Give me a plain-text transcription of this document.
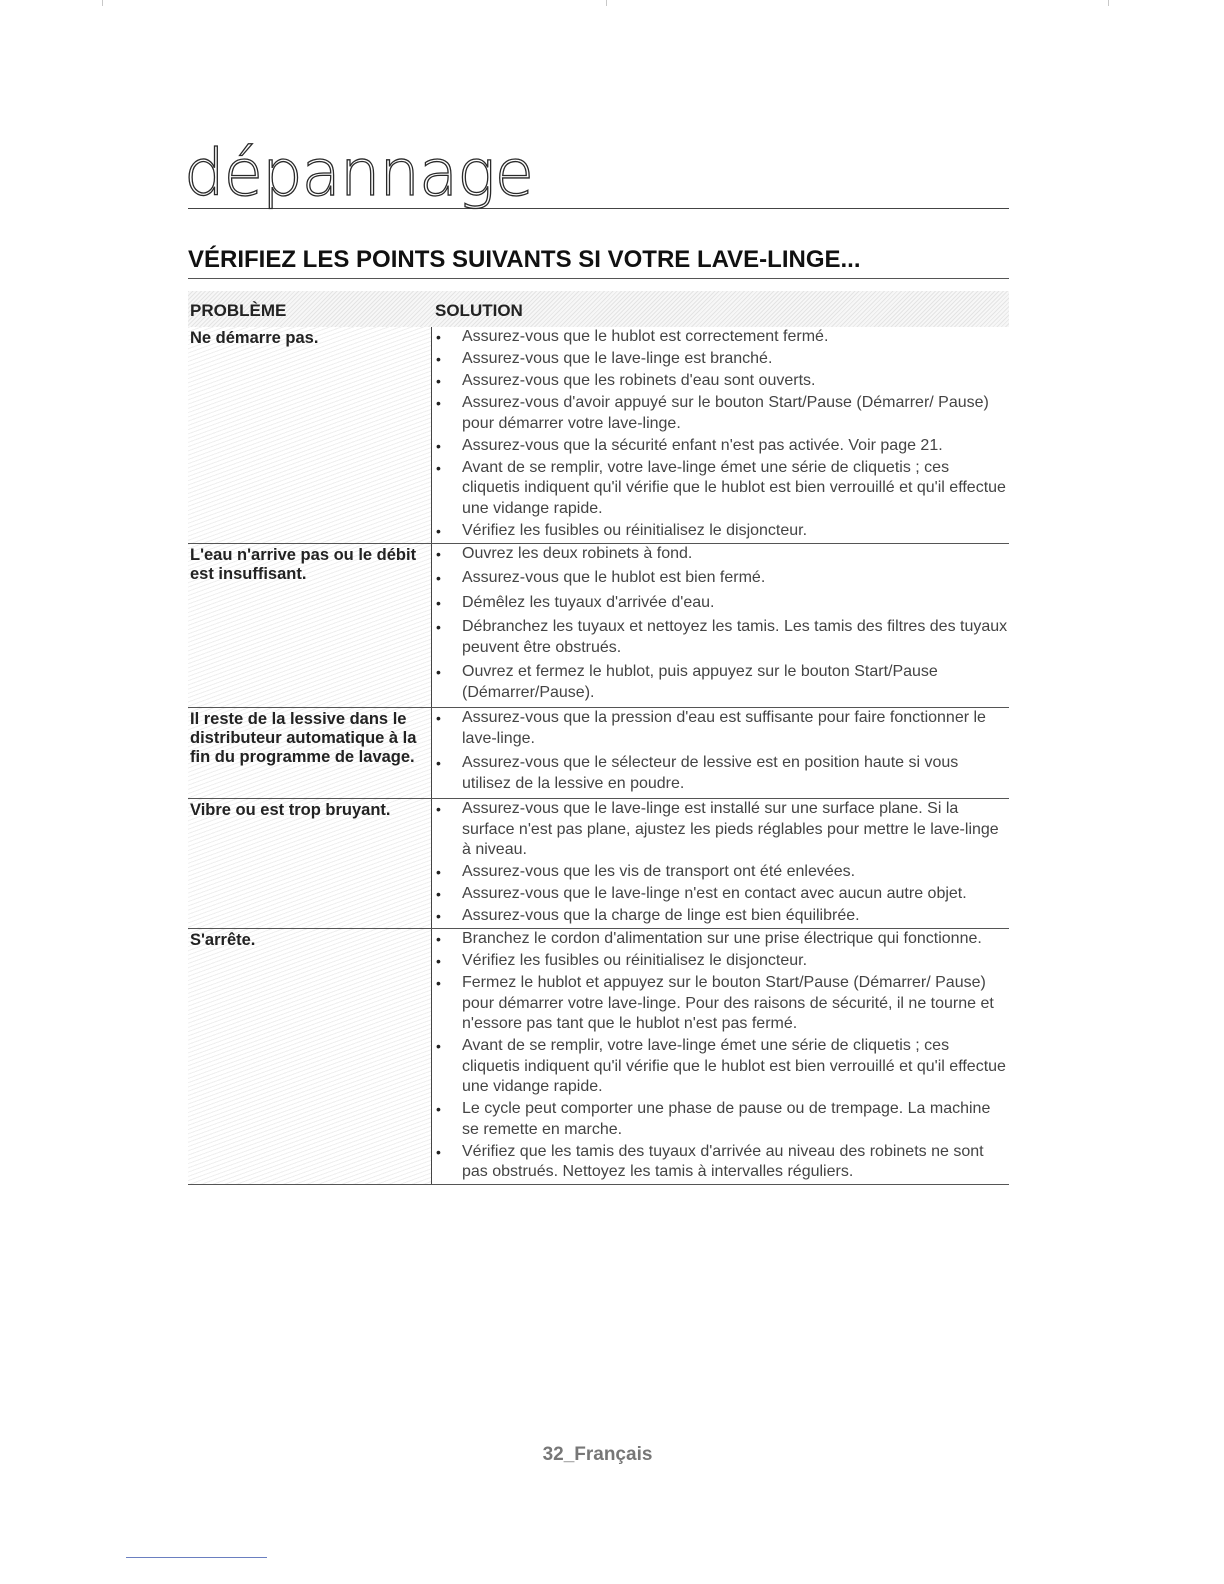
dépannage
VÉRIFIEZ LES POINTS SUIVANTS SI VOTRE LAVE-LINGE...
PROBLÈME	SOLUTION
Ne démarre pas.	• Assurez-vous que le hublot est correctement fermé.
• Assurez-vous que le lave-linge est branché.
• Assurez-vous que les robinets d'eau sont ouverts.
• Assurez-vous d'avoir appuyé sur le bouton Start/Pause (Démarrer/ Pause) pour démarrer votre lave-linge.
• Assurez-vous que la sécurité enfant n'est pas activée. Voir page 21.
• Avant de se remplir, votre lave-linge émet une série de cliquetis ; ces cliquetis indiquent qu'il vérifie que le hublot est bien verrouillé et qu'il effectue une vidange rapide.
• Vérifiez les fusibles ou réinitialisez le disjoncteur.
L'eau n'arrive pas ou le débit est insuffisant.
• Ouvrez les deux robinets à fond.
• Assurez-vous que le hublot est bien fermé.
• Démêlez les tuyaux d'arrivée d'eau.
• Débranchez les tuyaux et nettoyez les tamis. Les tamis des filtres des tuyaux peuvent être obstrués.
• Ouvrez et fermez le hublot, puis appuyez sur le bouton Start/Pause (Démarrer/Pause).
Il reste de la lessive dans le distributeur automatique à la fin du programme de lavage.
• Assurez-vous que la pression d'eau est suffisante pour faire fonctionner le lave-linge.
• Assurez-vous que le sélecteur de lessive est en position haute si vous utilisez de la lessive en poudre.
Vibre ou est trop bruyant.	• Assurez-vous que le lave-linge est installé sur une surface plane. Si la surface n'est pas plane, ajustez les pieds réglables pour mettre le lave-linge à niveau.
• Assurez-vous que les vis de transport ont été enlevées.
• Assurez-vous que le lave-linge n'est en contact avec aucun autre objet.
• Assurez-vous que la charge de linge est bien équilibrée.
S'arrête.	• Branchez le cordon d'alimentation sur une prise électrique qui fonctionne.
• Vérifiez les fusibles ou réinitialisez le disjoncteur.
• Fermez le hublot et appuyez sur le bouton Start/Pause (Démarrer/ Pause) pour démarrer votre lave-linge. Pour des raisons de sécurité, il ne tourne et n'essore pas tant que le hublot n'est pas fermé.
• Avant de se remplir, votre lave-linge émet une série de cliquetis ; ces cliquetis indiquent qu'il vérifie que le hublot est bien verrouillé et qu'il effectue une vidange rapide.
• Le cycle peut comporter une phase de pause ou de trempage. La machine se remette en marche.
• Vérifiez que les tamis des tuyaux d'arrivée au niveau des robinets ne sont pas obstrués. Nettoyez les tamis à intervalles réguliers.
32_Français
